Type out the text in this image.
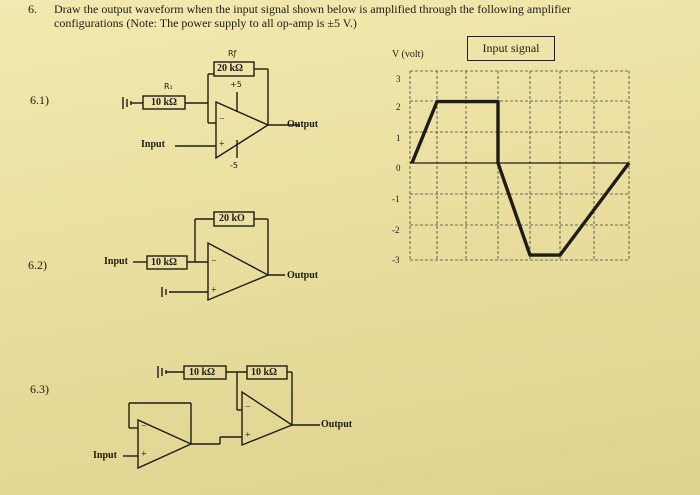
6. Draw the output waveform when the input signal shown below is amplified through the following amplifier
configurations (Note: The power supply to all op-amp is ±5 V.)
6.1)
6.2)
6.3)
Rƒ
20 kΩ
+5
R₁
10 kΩ
−
+
Input
Output
-5
20 kO
Input 10 kΩ	−
+
Output
10 kΩ	10 kΩ
−
+
−
+
Input
Output
Input signal
V (volt)
3
2
1
0
-1
-2
-3
